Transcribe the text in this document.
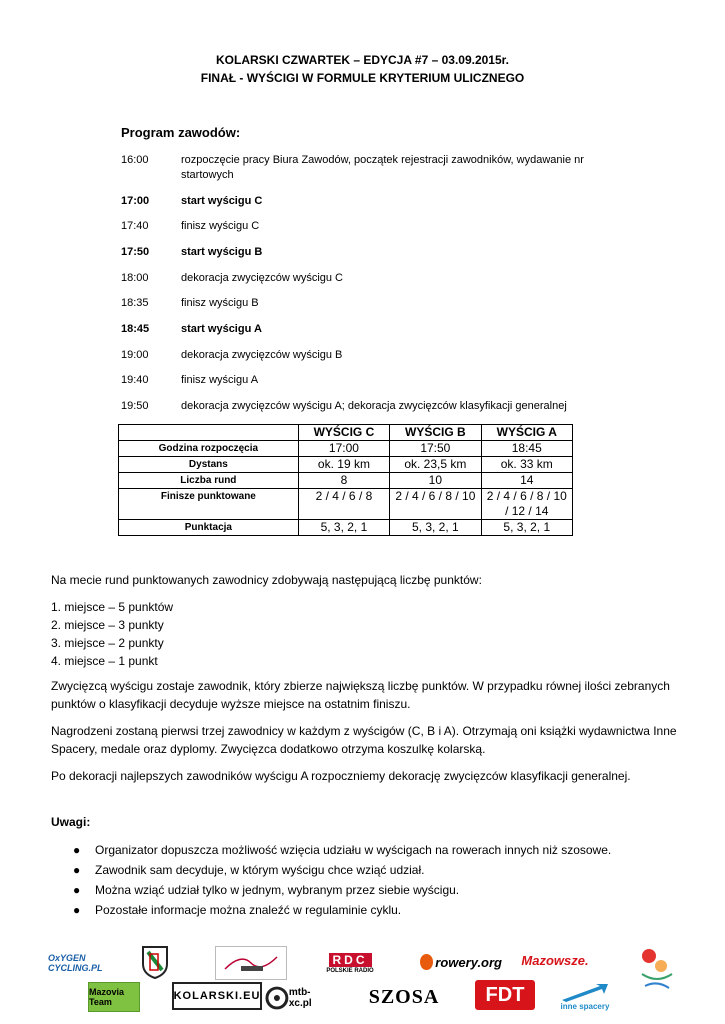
KOLARSKI CZWARTEK – EDYCJA #7 – 03.09.2015r.
FINAŁ - WYŚCIGI W FORMULE KRYTERIUM ULICZNEGO
Program zawodów:
16:00	rozpoczęcie pracy Biura Zawodów, początek rejestracji zawodników, wydawanie nr startowych
17:00	start wyścigu C
17:40	finisz wyścigu C
17:50	start wyścigu B
18:00	dekoracja zwycięzców wyścigu C
18:35	finisz wyścigu B
18:45	start wyścigu A
19:00	dekoracja zwycięzców wyścigu B
19:40	finisz wyścigu A
19:50	dekoracja zwycięzców wyścigu A; dekoracja zwycięzców klasyfikacji generalnej
	WYŚCIG C	WYŚCIG B	WYŚCIG A
Godzina rozpoczęcia	17:00	17:50	18:45
Dystans	ok. 19 km	ok. 23,5 km	ok. 33 km
Liczba rund	8	10	14
Finisze punktowane	2 / 4 / 6 / 8	2 / 4 / 6 / 8 / 10	2 / 4 / 6 / 8 / 10 / 12 / 14
Punktacja	5, 3, 2, 1	5, 3, 2, 1	5, 3, 2, 1
Na mecie rund punktowanych zawodnicy zdobywają następującą liczbę punktów:
1. miejsce – 5 punktów
2. miejsce – 3 punkty
3. miejsce – 2 punkty
4. miejsce – 1 punkt
Zwycięzcą wyścigu zostaje zawodnik, który zbierze największą liczbę punktów. W przypadku równej ilości zebranych punktów o klasyfikacji decyduje wyższe miejsce na ostatnim finiszu.
Nagrodzeni zostaną pierwsi trzej zawodnicy w każdym z wyścigów (C, B i A). Otrzymają oni książki wydawnictwa Inne Spacery, medale oraz dyplomy. Zwycięzca dodatkowo otrzyma koszulkę kolarską.
Po dekoracji najlepszych zawodników wyścigu A rozpoczniemy dekorację zwycięzców klasyfikacji generalnej.
Uwagi:
● Organizator dopuszcza możliwość wzięcia udziału w wyścigach na rowerach innych niż szosowe.
● Zawodnik sam decyduje, w którym wyścigu chce wziąć udział.
● Można wziąć udział tylko w jednym, wybranym przez siebie wyścigu.
● Pozostałe informacje można znaleźć w regulaminie cyklu.
OxYGEN CYCLING.PL
RDC
POLSKIE RADIO
rowery.org	Mazowsze.
Mazovia Team	KOLARSKI.EU	mtb-xc.pl	SZOSA	FDT
inne spacery
